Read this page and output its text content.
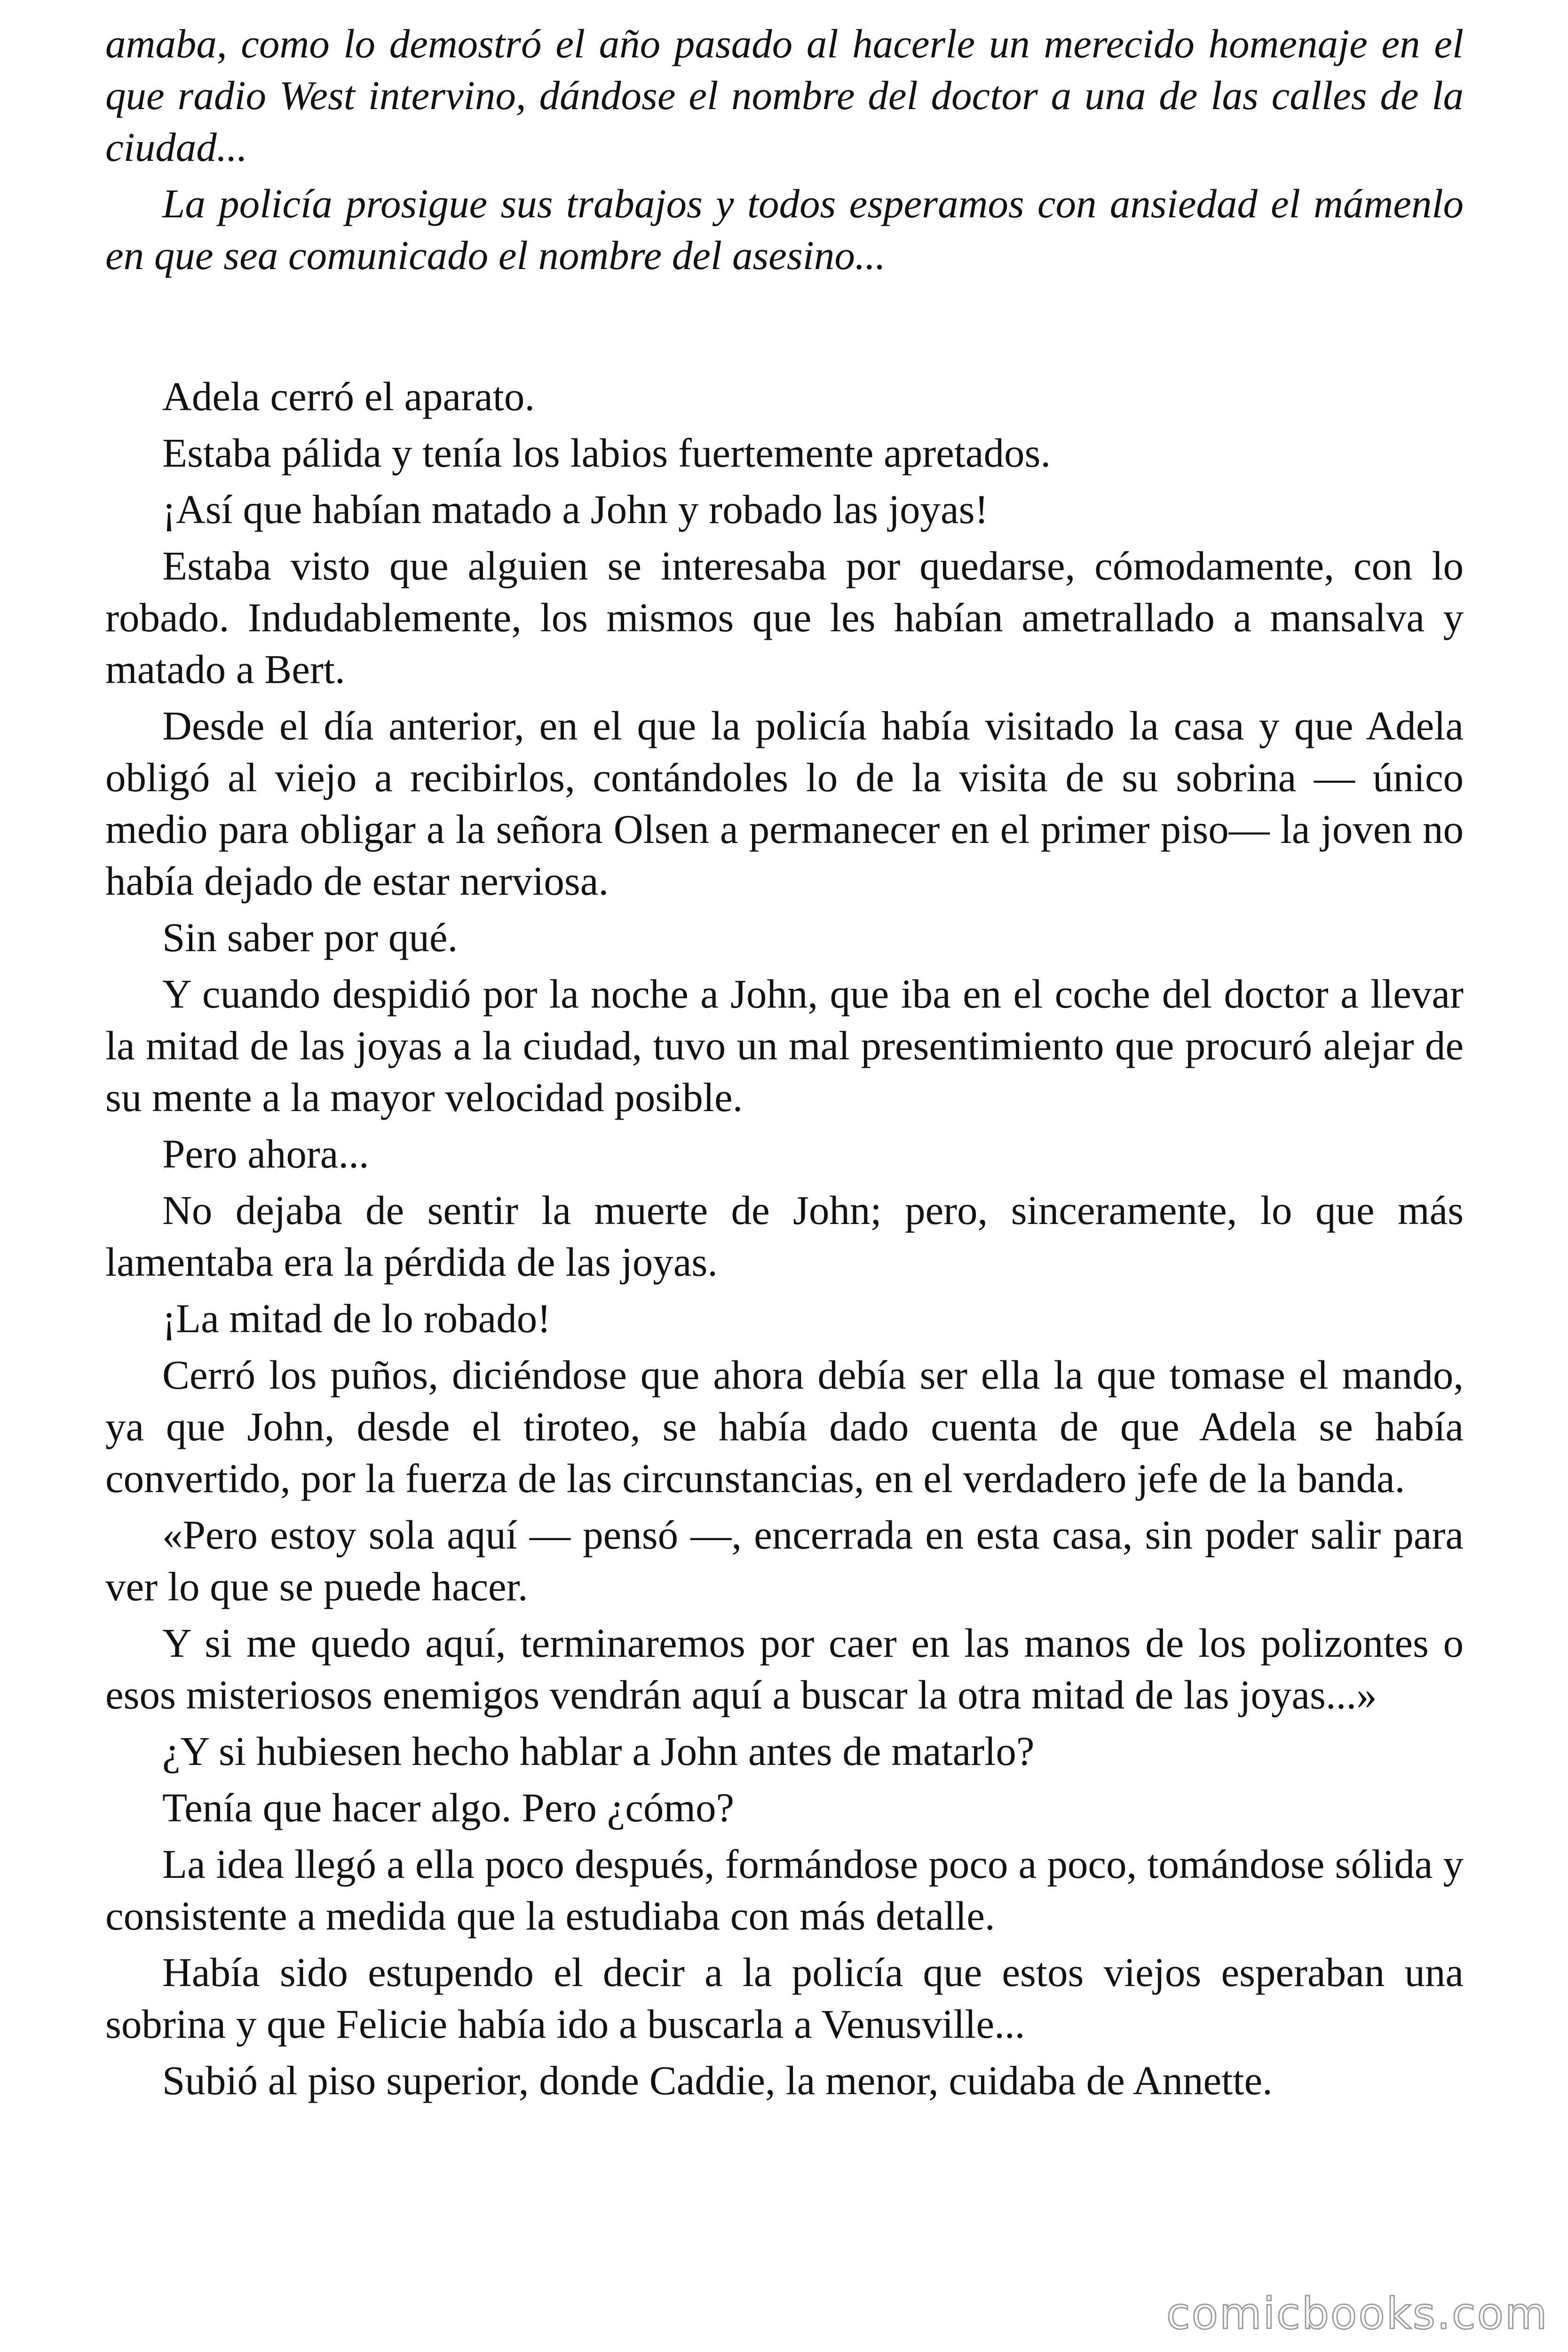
amaba, como lo demostró el año pasado al hacerle un merecido homenaje en el que radio West intervino, dándose el nombre del doctor a una de las calles de la ciudad...

La policía prosigue sus trabajos y todos esperamos con ansiedad el mámenlo en que sea comunicado el nombre del asesino...

Adela cerró el aparato.

Estaba pálida y tenía los labios fuertemente apretados.

¡Así que habían matado a John y robado las joyas!

Estaba visto que alguien se interesaba por quedarse, cómodamente, con lo robado. Indudablemente, los mismos que les habían ametrallado a mansalva y matado a Bert.

Desde el día anterior, en el que la policía había visitado la casa y que Adela obligó al viejo a recibirlos, contándoles lo de la visita de su sobrina — único medio para obligar a la señora Olsen a permanecer en el primer piso— la joven no había dejado de estar nerviosa.

Sin saber por qué.

Y cuando despidió por la noche a John, que iba en el coche del doctor a llevar la mitad de las joyas a la ciudad, tuvo un mal presentimiento que procuró alejar de su mente a la mayor velocidad posible.

Pero ahora...

No dejaba de sentir la muerte de John; pero, sinceramente, lo que más lamentaba era la pérdida de las joyas.

¡La mitad de lo robado!

Cerró los puños, diciéndose que ahora debía ser ella la que tomase el mando, ya que John, desde el tiroteo, se había dado cuenta de que Adela se había convertido, por la fuerza de las circunstancias, en el verdadero jefe de la banda.

«Pero estoy sola aquí — pensó —, encerrada en esta casa, sin poder salir para ver lo que se puede hacer.

Y si me quedo aquí, terminaremos por caer en las manos de los polizontes o esos misteriosos enemigos vendrán aquí a buscar la otra mitad de las joyas...»

¿Y si hubiesen hecho hablar a John antes de matarlo?

Tenía que hacer algo. Pero ¿cómo?

La idea llegó a ella poco después, formándose poco a poco, tomándose sólida y consistente a medida que la estudiaba con más detalle.

Había sido estupendo el decir a la policía que estos viejos esperaban una sobrina y que Felicie había ido a buscarla a Venusville...

Subió al piso superior, donde Caddie, la menor, cuidaba de Annette.

comicbooks.com
